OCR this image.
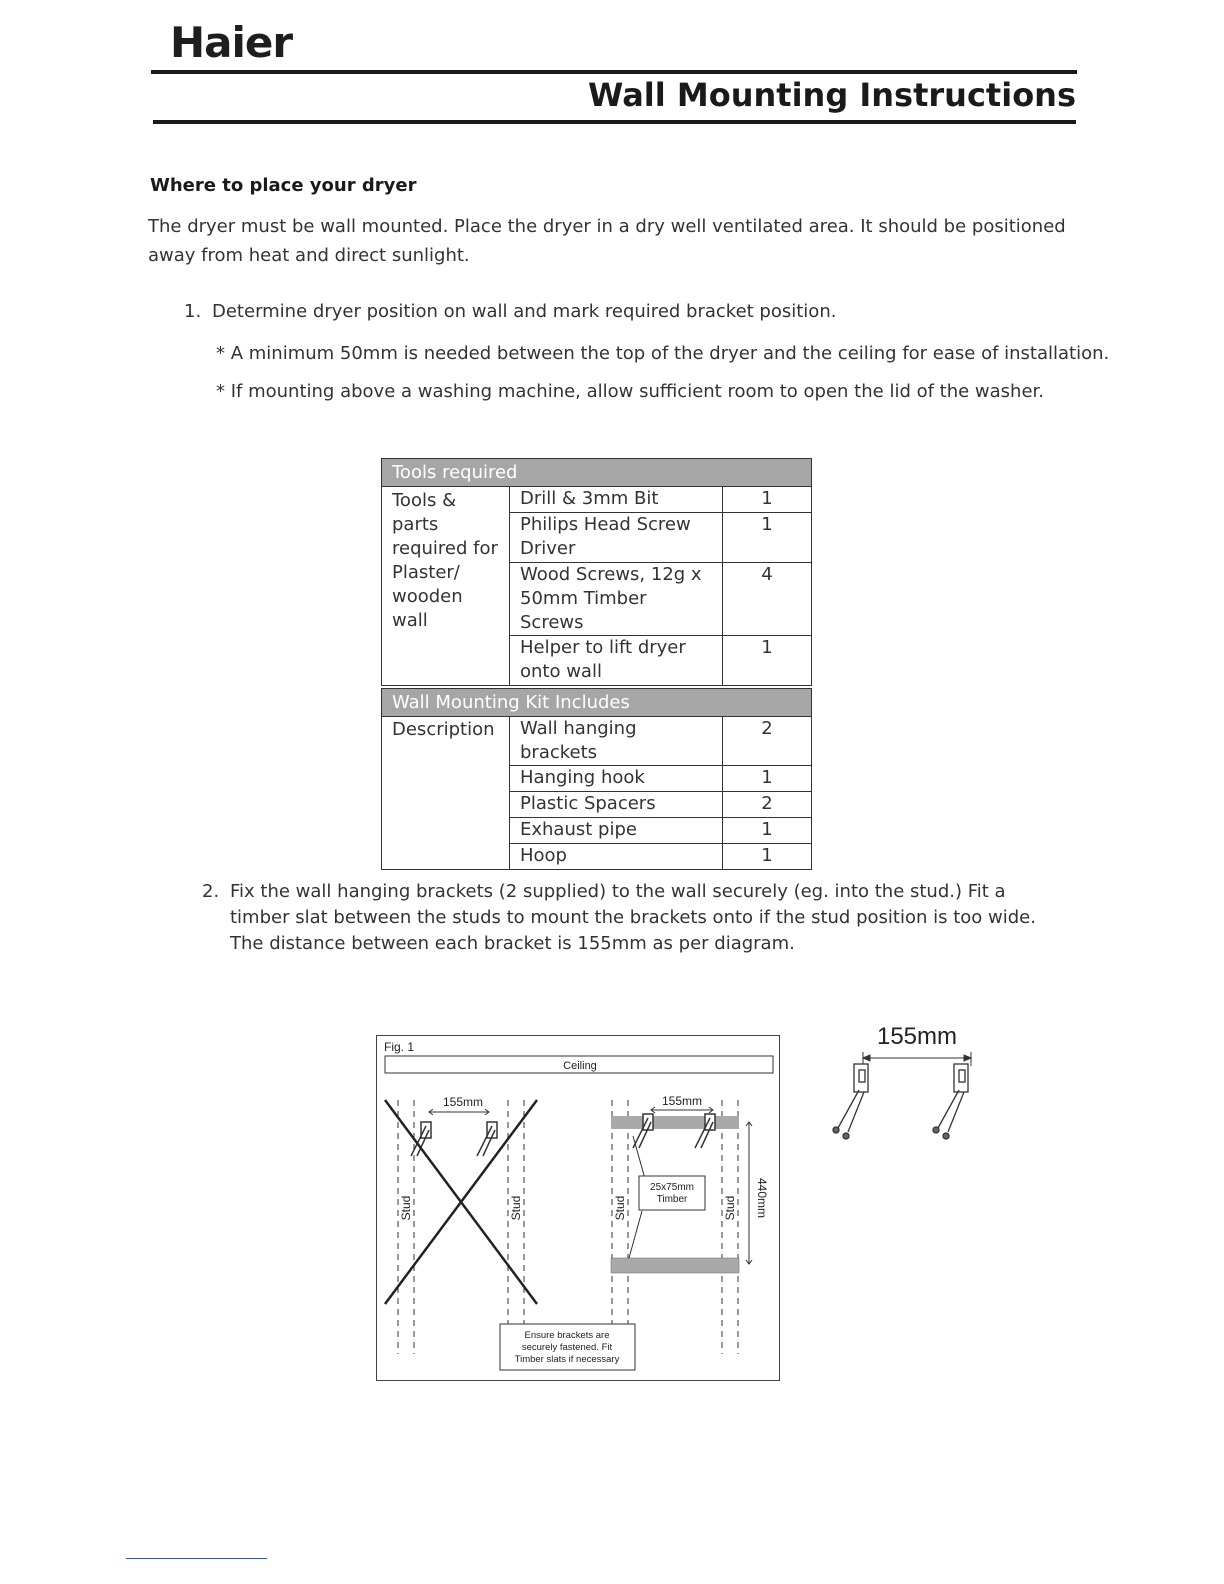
Haier
Wall Mounting Instructions
Where to place your dryer
The dryer must be wall mounted. Place the dryer in a dry well ventilated area. It should be positioned away from heat and direct sunlight.
1. Determine dryer position on wall and mark required bracket position.
* A minimum 50mm is needed between the top of the dryer and the ceiling for ease of installation.
* If mounting above a washing machine, allow sufficient room to open the lid of the washer.
Tools required		
Tools & parts required for Plaster/ wooden wall	Drill & 3mm Bit	1
	Philips Head Screw Driver	1
	Wood Screws, 12g x 50mm Timber Screws	4
	Helper to lift dryer onto wall	1
Wall Mounting Kit Includes		
Description	Wall hanging brackets	2
	Hanging hook	1
	Plastic Spacers	2
	Exhaust pipe	1
	Hoop	1
2. Fix the wall hanging brackets (2 supplied) to the wall securely (eg. into the stud.) Fit a timber slat between the studs to mount the brackets onto if the stud position is too wide. The distance between each bracket is 155mm as per diagram.
Fig. 1
Ceiling
Stud	Stud	Stud	Stud
155mm	155mm
25x75mm
Timber	440mm
Ensure brackets are
securely fastened. Fit
Timber slats if necessary
155mm
